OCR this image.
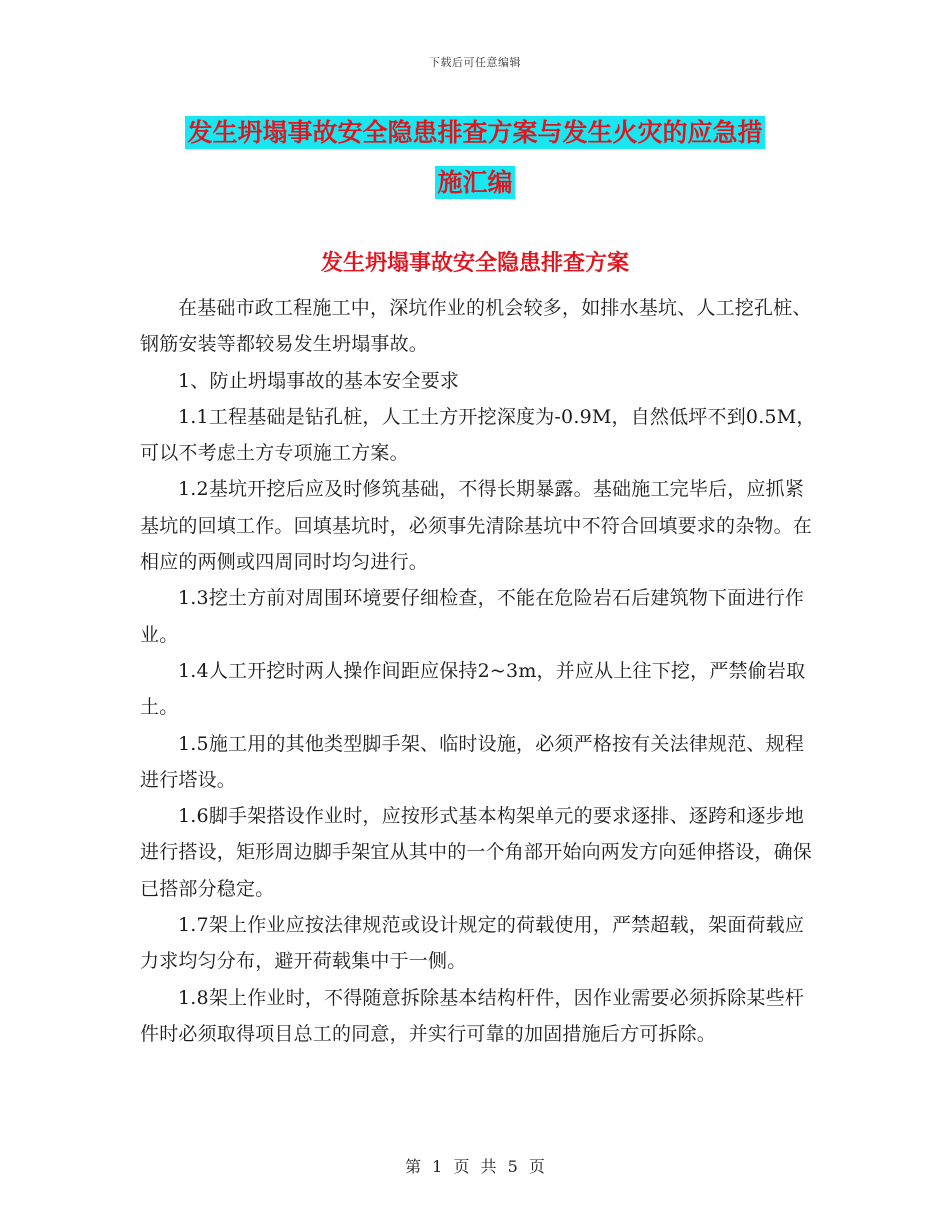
下载后可任意编辑
发生坍塌事故安全隐患排查方案与发生火灾的应急措
施汇编
发生坍塌事故安全隐患排查方案

在基础市政工程施工中，深坑作业的机会较多，如排水基坑、人工挖孔桩、钢筋安装等都较易发生坍塌事故。

1、防止坍塌事故的基本安全要求

1.1工程基础是钻孔桩，人工土方开挖深度为-0.9M，自然低坪不到0.5M，可以不考虑土方专项施工方案。

1.2基坑开挖后应及时修筑基础，不得长期暴露。基础施工完毕后，应抓紧基坑的回填工作。回填基坑时，必须事先清除基坑中不符合回填要求的杂物。在相应的两侧或四周同时均匀进行。

1.3挖土方前对周围环境要仔细检查，不能在危险岩石后建筑物下面进行作业。

1.4人工开挖时两人操作间距应保持2~3m，并应从上往下挖，严禁偷岩取土。

1.5施工用的其他类型脚手架、临时设施，必须严格按有关法律规范、规程进行塔设。

1.6脚手架搭设作业时，应按形式基本构架单元的要求逐排、逐跨和逐步地进行搭设，矩形周边脚手架宜从其中的一个角部开始向两发方向延伸搭设，确保已搭部分稳定。

1.7架上作业应按法律规范或设计规定的荷载使用，严禁超载，架面荷载应力求均匀分布，避开荷载集中于一侧。

1.8架上作业时，不得随意拆除基本结构杆件，因作业需要必须拆除某些杆件时必须取得项目总工的同意，并实行可靠的加固措施后方可拆除。

第 1 页 共 5 页
